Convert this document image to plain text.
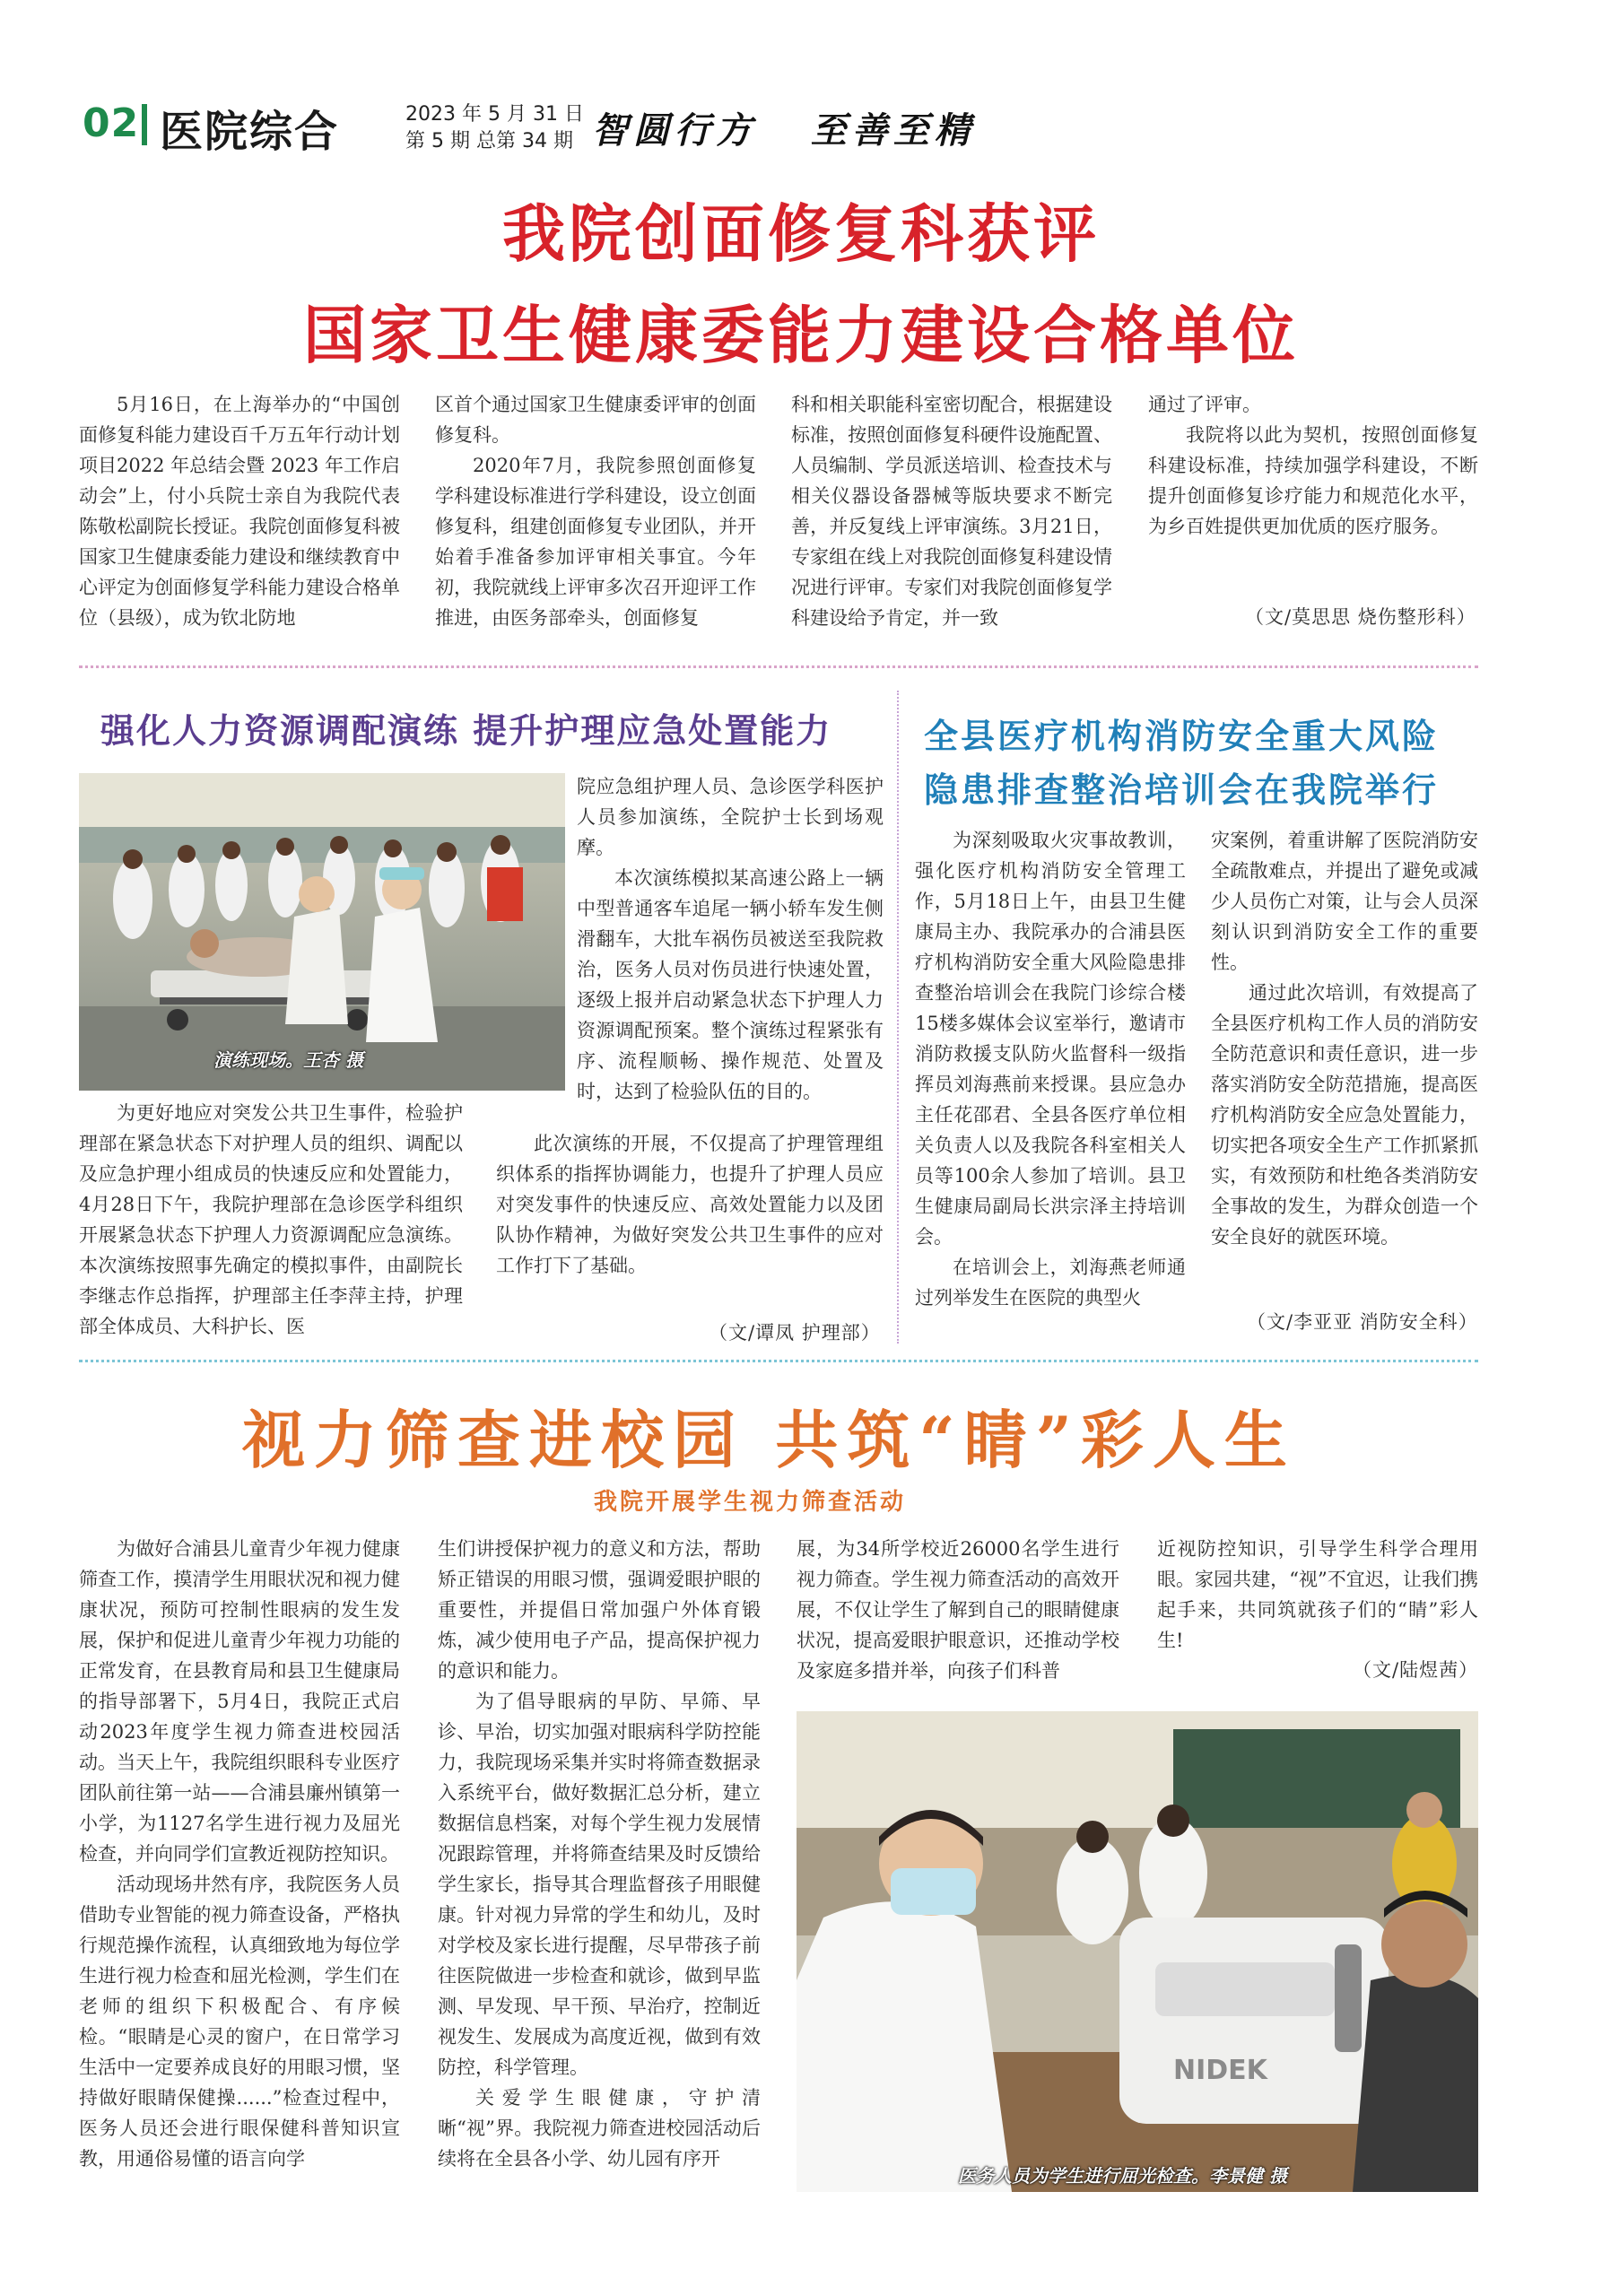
02 医院综合	2023 年 5 月 31 日
第 5 期 总第 34 期 智圆行方   至善至精
我院创面修复科获评
国家卫生健康委能力建设合格单位

5月16日，在上海举办的“中国创面修复科能力建设百千万五年行动计划项目2022 年总结会暨 2023 年工作启动会”上，付小兵院士亲自为我院代表陈敬松副院长授证。我院创面修复科被国家卫生健康委能力建设和继续教育中心评定为创面修复学科能力建设合格单位（县级），成为钦北防地

区首个通过国家卫生健康委评审的创面修复科。

2020年7月，我院参照创面修复学科建设标准进行学科建设，设立创面修复科，组建创面修复专业团队，并开始着手准备参加评审相关事宜。今年初，我院就线上评审多次召开迎评工作推进，由医务部牵头，创面修复

科和相关职能科室密切配合，根据建设标准，按照创面修复科硬件设施配置、人员编制、学员派送培训、检查技术与相关仪器设备器械等版块要求不断完善，并反复线上评审演练。3月21日，专家组在线上对我院创面修复科建设情况进行评审。专家们对我院创面修复学科建设给予肯定，并一致

通过了评审。

我院将以此为契机，按照创面修复科建设标准，持续加强学科建设，不断提升创面修复诊疗能力和规范化水平，为乡百姓提供更加优质的医疗服务。

（文/莫思思 烧伤整形科）
强化人力资源调配演练 提升护理应急处置能力
演练现场。王杏 摄

为更好地应对突发公共卫生事件，检验护理部在紧急状态下对护理人员的组织、调配以及应急护理小组成员的快速反应和处置能力，4月28日下午，我院护理部在急诊医学科组织开展紧急状态下护理人力资源调配应急演练。本次演练按照事先确定的模拟事件，由副院长李继志作总指挥，护理部主任李萍主持，护理部全体成员、大科护长、医

院应急组护理人员、急诊医学科医护人员参加演练，全院护士长到场观摩。

本次演练模拟某高速公路上一辆中型普通客车追尾一辆小轿车发生侧滑翻车，大批车祸伤员被送至我院救治，医务人员对伤员进行快速处置，逐级上报并启动紧急状态下护理人力资源调配预案。整个演练过程紧张有序、流程顺畅、操作规范、处置及时，达到了检验队伍的目的。

此次演练的开展，不仅提高了护理管理组织体系的指挥协调能力，也提升了护理人员应对突发事件的快速反应、高效处置能力以及团队协作精神，为做好突发公共卫生事件的应对工作打下了基础。

（文/谭凤 护理部）
全县医疗机构消防安全重大风险
隐患排查整治培训会在我院举行

为深刻吸取火灾事故教训，强化医疗机构消防安全管理工作，5月18日上午，由县卫生健康局主办、我院承办的合浦县医疗机构消防安全重大风险隐患排查整治培训会在我院门诊综合楼15楼多媒体会议室举行，邀请市消防救援支队防火监督科一级指挥员刘海燕前来授课。县应急办主任花邵君、全县各医疗单位相关负责人以及我院各科室相关人员等100余人参加了培训。县卫生健康局副局长洪宗泽主持培训会。

在培训会上，刘海燕老师通过列举发生在医院的典型火

灾案例，着重讲解了医院消防安全疏散难点，并提出了避免或减少人员伤亡对策，让与会人员深刻认识到消防安全工作的重要性。

通过此次培训，有效提高了全县医疗机构工作人员的消防安全防范意识和责任意识，进一步落实消防安全防范措施，提高医疗机构消防安全应急处置能力，切实把各项安全生产工作抓紧抓实，有效预防和杜绝各类消防安全事故的发生，为群众创造一个安全良好的就医环境。

（文/李亚亚 消防安全科）
视力筛查进校园 共筑“睛”彩人生
我院开展学生视力筛查活动

为做好合浦县儿童青少年视力健康筛查工作，摸清学生用眼状况和视力健康状况，预防可控制性眼病的发生发展，保护和促进儿童青少年视力功能的正常发育，在县教育局和县卫生健康局的指导部署下，5月4日，我院正式启动2023年度学生视力筛查进校园活动。当天上午，我院组织眼科专业医疗团队前往第一站——合浦县廉州镇第一小学，为1127名学生进行视力及屈光检查，并向同学们宣教近视防控知识。

活动现场井然有序，我院医务人员借助专业智能的视力筛查设备，严格执行规范操作流程，认真细致地为每位学生进行视力检查和屈光检测，学生们在老师的组织下积极配合、有序候检。“眼睛是心灵的窗户，在日常学习生活中一定要养成良好的用眼习惯，坚持做好眼睛保健操......”检查过程中，医务人员还会进行眼保健科普知识宣教，用通俗易懂的语言向学

生们讲授保护视力的意义和方法，帮助矫正错误的用眼习惯，强调爱眼护眼的重要性，并提倡日常加强户外体育锻炼，减少使用电子产品，提高保护视力的意识和能力。

为了倡导眼病的早防、早筛、早诊、早治，切实加强对眼病科学防控能力，我院现场采集并实时将筛查数据录入系统平台，做好数据汇总分析，建立数据信息档案，对每个学生视力发展情况跟踪管理，并将筛查结果及时反馈给学生家长，指导其合理监督孩子用眼健康。针对视力异常的学生和幼儿，及时对学校及家长进行提醒，尽早带孩子前往医院做进一步检查和就诊，做到早监测、早发现、早干预、早治疗，控制近视发生、发展成为高度近视，做到有效防控，科学管理。

关爱学生眼健康，守护清晰“视”界。我院视力筛查进校园活动后续将在全县各小学、幼儿园有序开

展，为34所学校近26000名学生进行视力筛查。学生视力筛查活动的高效开展，不仅让学生了解到自己的眼睛健康状况，提高爱眼护眼意识，还推动学校及家庭多措并举，向孩子们科普

近视防控知识，引导学生科学合理用眼。家园共建，“视”不宜迟，让我们携起手来，共同筑就孩子们的“睛”彩人生!

（文/陆煜茜）
NIDEK
医务人员为学生进行屈光检查。李景健 摄
